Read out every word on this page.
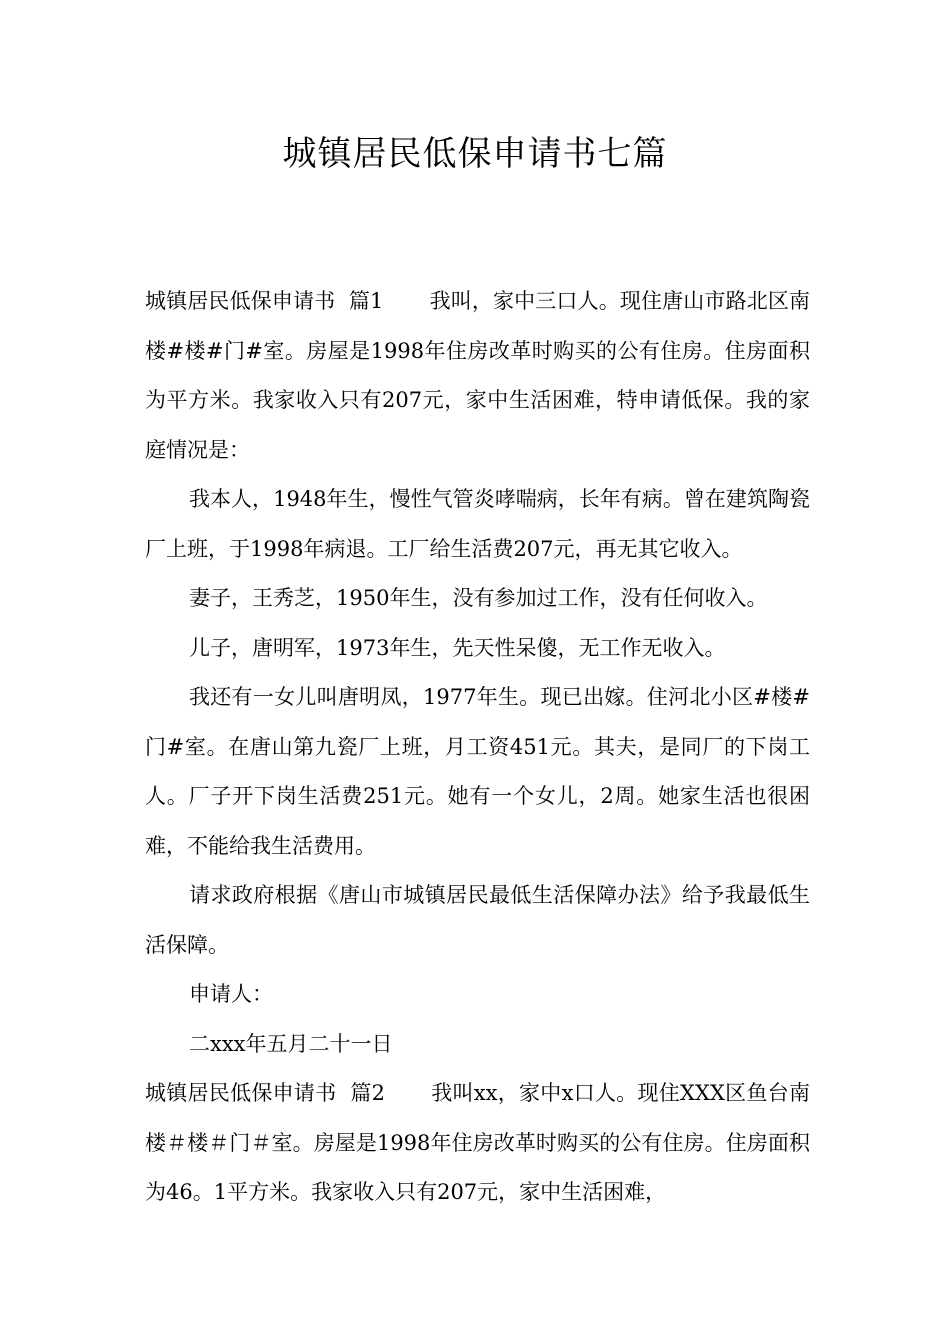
城镇居民低保申请书七篇

城镇居民低保申请书  篇1 我叫，家中三口人。现住唐山市路北区南楼#楼#门#室。房屋是1998年住房改革时购买的公有住房。住房面积为平方米。我家收入只有207元，家中生活困难，特申请低保。我的家庭情况是：

我本人，1948年生，慢性气管炎哮喘病，长年有病。曾在建筑陶瓷厂上班，于1998年病退。工厂给生活费207元，再无其它收入。

妻子，王秀芝，1950年生，没有参加过工作，没有任何收入。

儿子，唐明军，1973年生，先天性呆傻，无工作无收入。

我还有一女儿叫唐明凤，1977年生。现已出嫁。住河北小区#楼#门#室。在唐山第九瓷厂上班，月工资451元。其夫，是同厂的下岗工人。厂子开下岗生活费251元。她有一个女儿，2周。她家生活也很困难，不能给我生活费用。

请求政府根据《唐山市城镇居民最低生活保障办法》给予我最低生活保障。

申请人：

二xxx年五月二十一日

城镇居民低保申请书  篇2 我叫xx，家中x口人。现住XXX区鱼台南楼＃楼＃门＃室。房屋是1998年住房改革时购买的公有住房。住房面积为46。1平方米。我家收入只有207元，家中生活困难，
